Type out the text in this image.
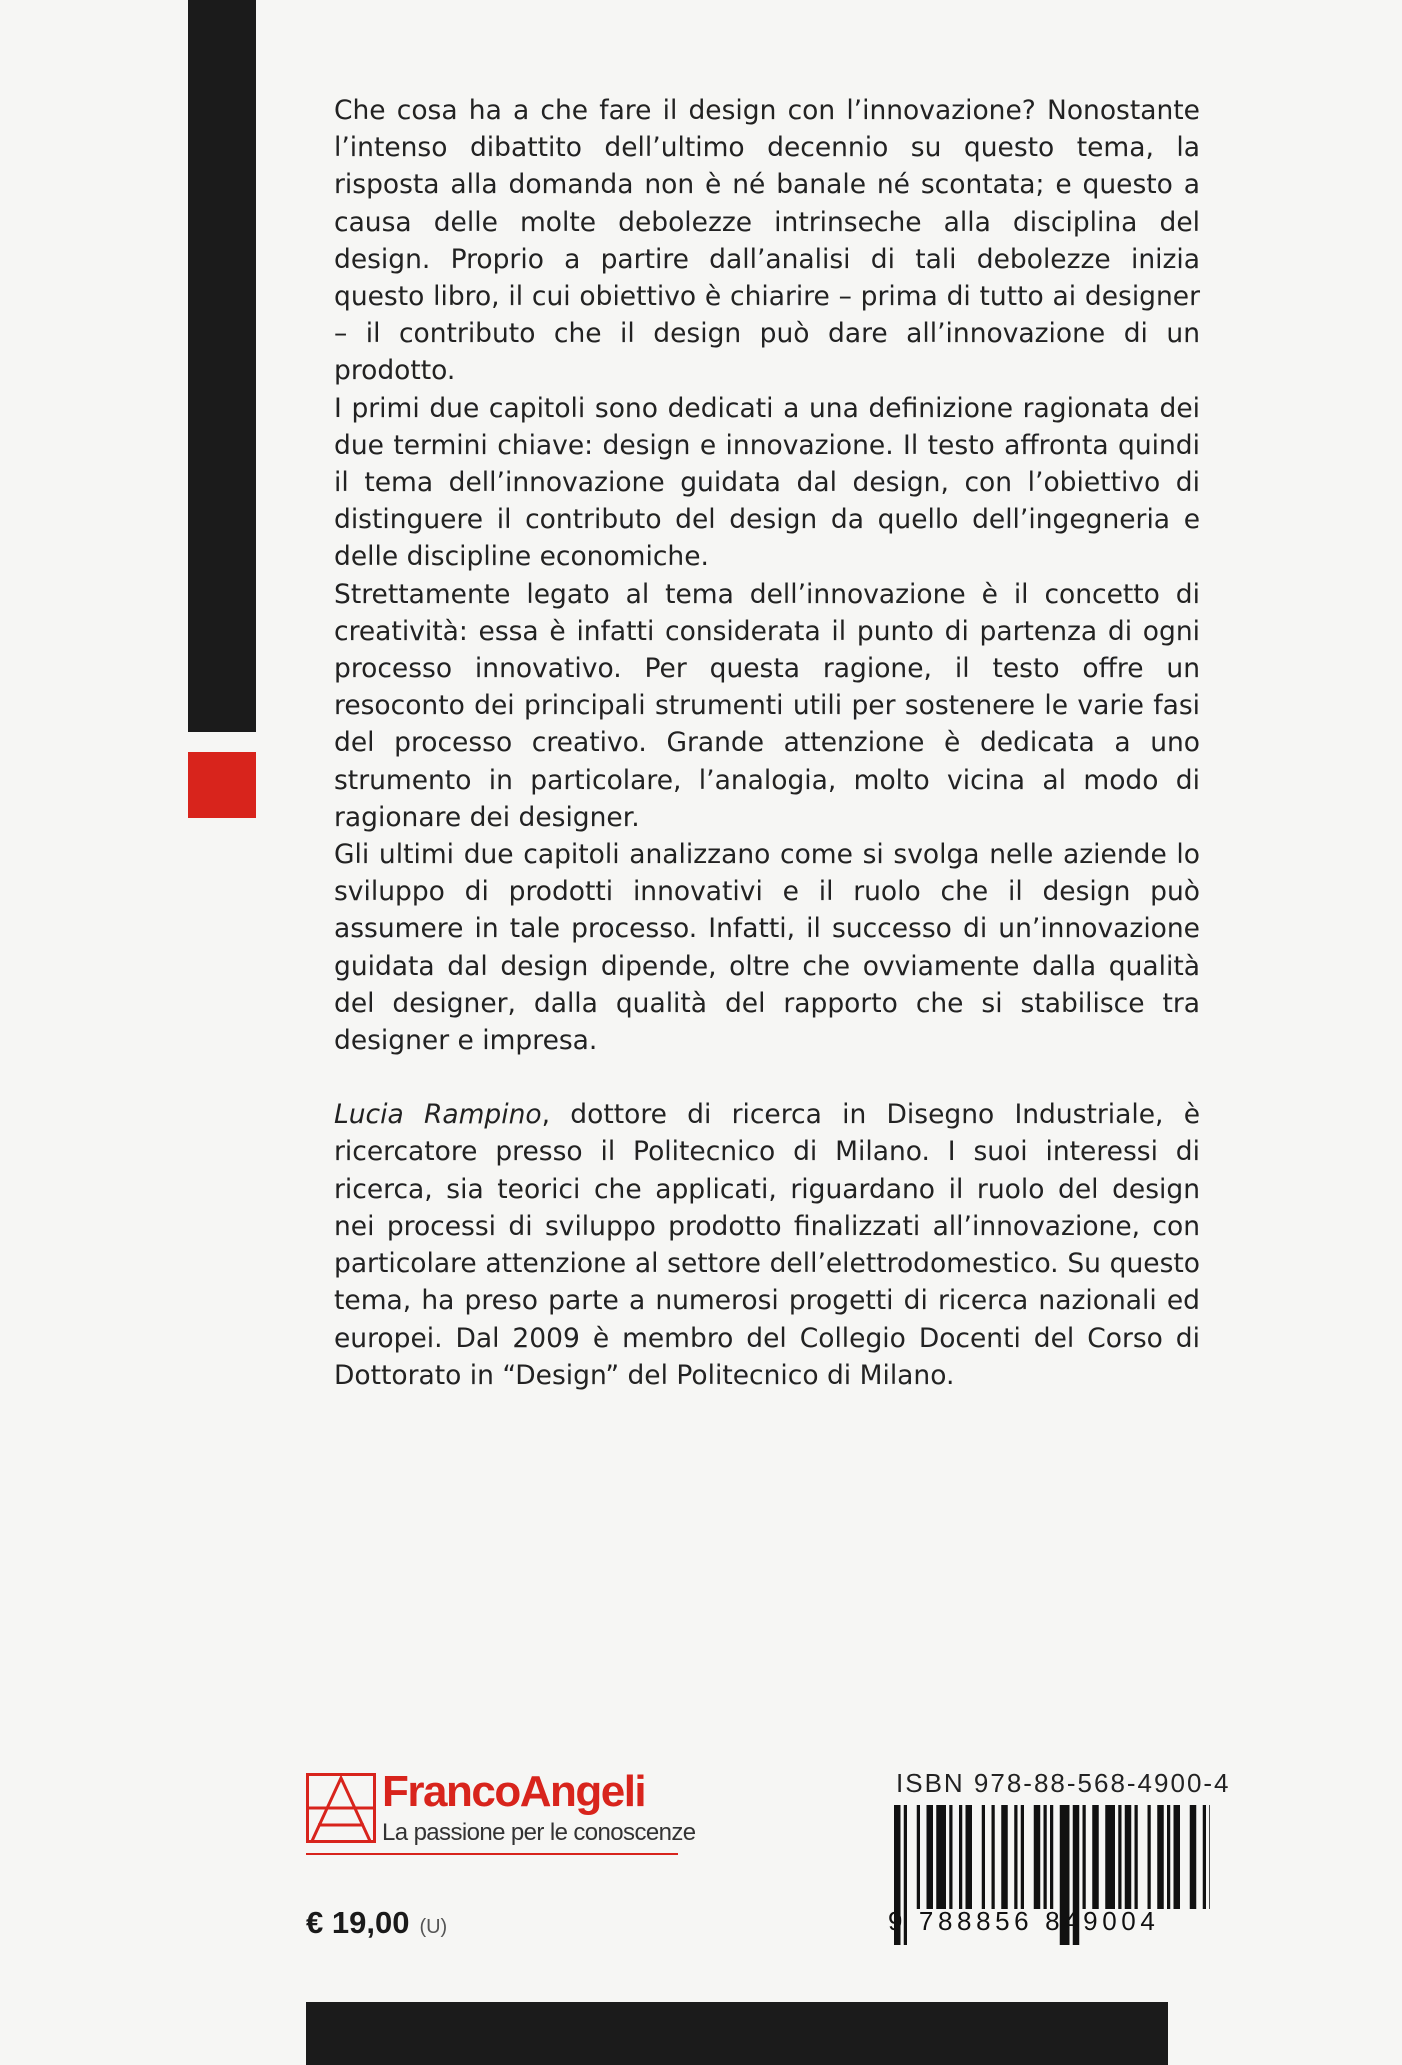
Che cosa ha a che fare il design con l’innovazione? Nonostante l’intenso dibattito dell’ultimo decennio su questo tema, la risposta alla domanda non è né banale né scontata; e questo a causa delle molte debolezze intrinseche alla disciplina del design. Proprio a partire dall’analisi di tali debolezze inizia questo libro, il cui obiettivo è chiarire – prima di tutto ai designer – il contributo che il design può dare all’innovazione di un prodotto.

I primi due capitoli sono dedicati a una definizione ragionata dei due termini chiave: design e innovazione. Il testo affronta quindi il tema dell’innovazione guidata dal design, con l’obiettivo di distinguere il contributo del design da quello dell’ingegneria e delle discipline economiche.

Strettamente legato al tema dell’innovazione è il concetto di creatività: essa è infatti considerata il punto di partenza di ogni processo innovativo. Per questa ragione, il testo offre un resoconto dei principali strumenti utili per sostenere le varie fasi del processo creativo. Grande attenzione è dedicata a uno strumento in particolare, l’analogia, molto vicina al modo di ragionare dei designer.

Gli ultimi due capitoli analizzano come si svolga nelle aziende lo sviluppo di prodotti innovativi e il ruolo che il design può assumere in tale processo. Infatti, il successo di un’innovazione guidata dal design dipende, oltre che ovviamente dalla qualità del designer, dalla qualità del rapporto che si stabilisce tra designer e impresa.

Lucia Rampino, dottore di ricerca in Disegno Industriale, è ricercatore presso il Politecnico di Milano. I suoi interessi di ricerca, sia teorici che applicati, riguardano il ruolo del design nei processi di sviluppo prodotto finalizzati all’innovazione, con particolare attenzione al settore dell’elettrodomestico. Su questo tema, ha preso parte a numerosi progetti di ricerca nazionali ed europei. Dal 2009 è membro del Collegio Docenti del Corso di Dottorato in “Design” del Politecnico di Milano.

FrancoAngeli
La passione per le conoscenze
€ 19,00 (U)
ISBN 978-88-568-4900-4
9 788856 849004
